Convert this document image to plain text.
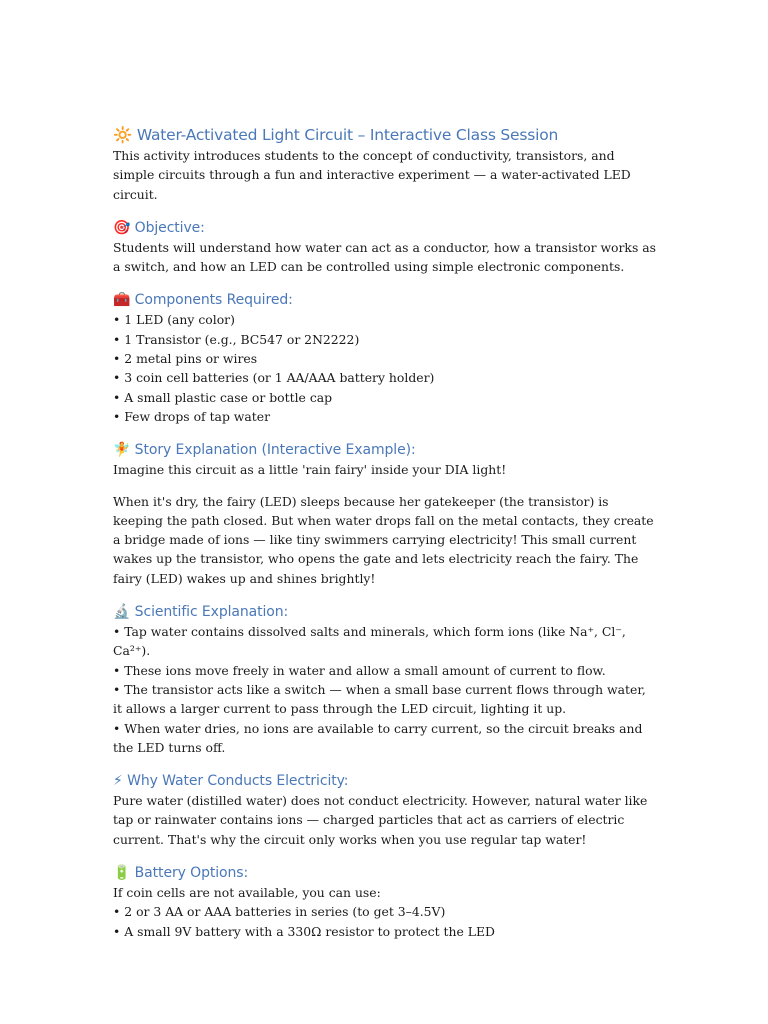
🔆 Water-Activated Light Circuit – Interactive Class Session

This activity introduces students to the concept of conductivity, transistors, and simple circuits through a fun and interactive experiment — a water-activated LED circuit.

🎯 Objective:

Students will understand how water can act as a conductor, how a transistor works as a switch, and how an LED can be controlled using simple electronic components.

🧰 Components Required:
• 1 LED (any color)
• 1 Transistor (e.g., BC547 or 2N2222)
• 2 metal pins or wires
• 3 coin cell batteries (or 1 AA/AAA battery holder)
• A small plastic case or bottle cap
• Few drops of tap water
🧚 Story Explanation (Interactive Example):

Imagine this circuit as a little 'rain fairy' inside your DIA light!

When it's dry, the fairy (LED) sleeps because her gatekeeper (the transistor) is keeping the path closed. But when water drops fall on the metal contacts, they create a bridge made of ions — like tiny swimmers carrying electricity! This small current wakes up the transistor, who opens the gate and lets electricity reach the fairy. The fairy (LED) wakes up and shines brightly!

🔬 Scientific Explanation:
• Tap water contains dissolved salts and minerals, which form ions (like Na⁺, Cl⁻, Ca²⁺).
• These ions move freely in water and allow a small amount of current to flow.
• The transistor acts like a switch — when a small base current flows through water, it allows a larger current to pass through the LED circuit, lighting it up.
• When water dries, no ions are available to carry current, so the circuit breaks and the LED turns off.
⚡ Why Water Conducts Electricity:

Pure water (distilled water) does not conduct electricity. However, natural water like tap or rainwater contains ions — charged particles that act as carriers of electric current. That's why the circuit only works when you use regular tap water!

🔋 Battery Options:

If coin cells are not available, you can use:

• 2 or 3 AA or AAA batteries in series (to get 3–4.5V)
• A small 9V battery with a 330Ω resistor to protect the LED
